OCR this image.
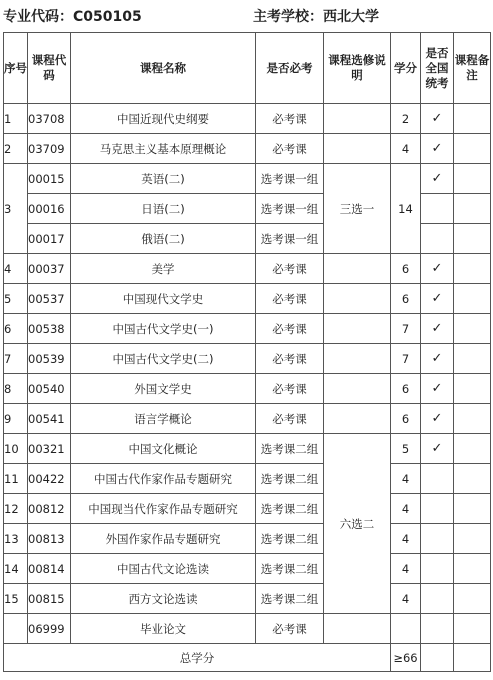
专业代码：C050105	主考学校：西北大学
序号	课程代码	课程名称	是否必考	课程选修说 明	学分	是否全国统考	课程备注
1	03708	中国近现代史纲要	必考课		2	✓	
2	03709	马克思主义基本原理概论	必考课		4	✓	
3	00015	英语(二)	选考课一组	三选一	14	✓	
	00016	日语(二)	选考课一组				
	00017	俄语(二)	选考课一组				
4	00037	美学	必考课		6	✓	
5	00537	中国现代文学史	必考课		6	✓	
6	00538	中国古代文学史(一)	必考课		7	✓	
7	00539	中国古代文学史(二)	必考课		7	✓	
8	00540	外国文学史	必考课		6	✓	
9	00541	语言学概论	必考课		6	✓	
10	00321	中国文化概论	选考课二组	六选二	5	✓	
11	00422	中国古代作家作品专题研究	选考课二组		4		
12	00812	中国现当代作家作品专题研究	选考课二组		4		
13	00813	外国作家作品专题研究	选考课二组		4		
14	00814	中国古代文论选读	选考课二组		4		
15	00815	西方文论选读	选考课二组		4		
	06999	毕业论文	必考课				
总学分					≥66		
